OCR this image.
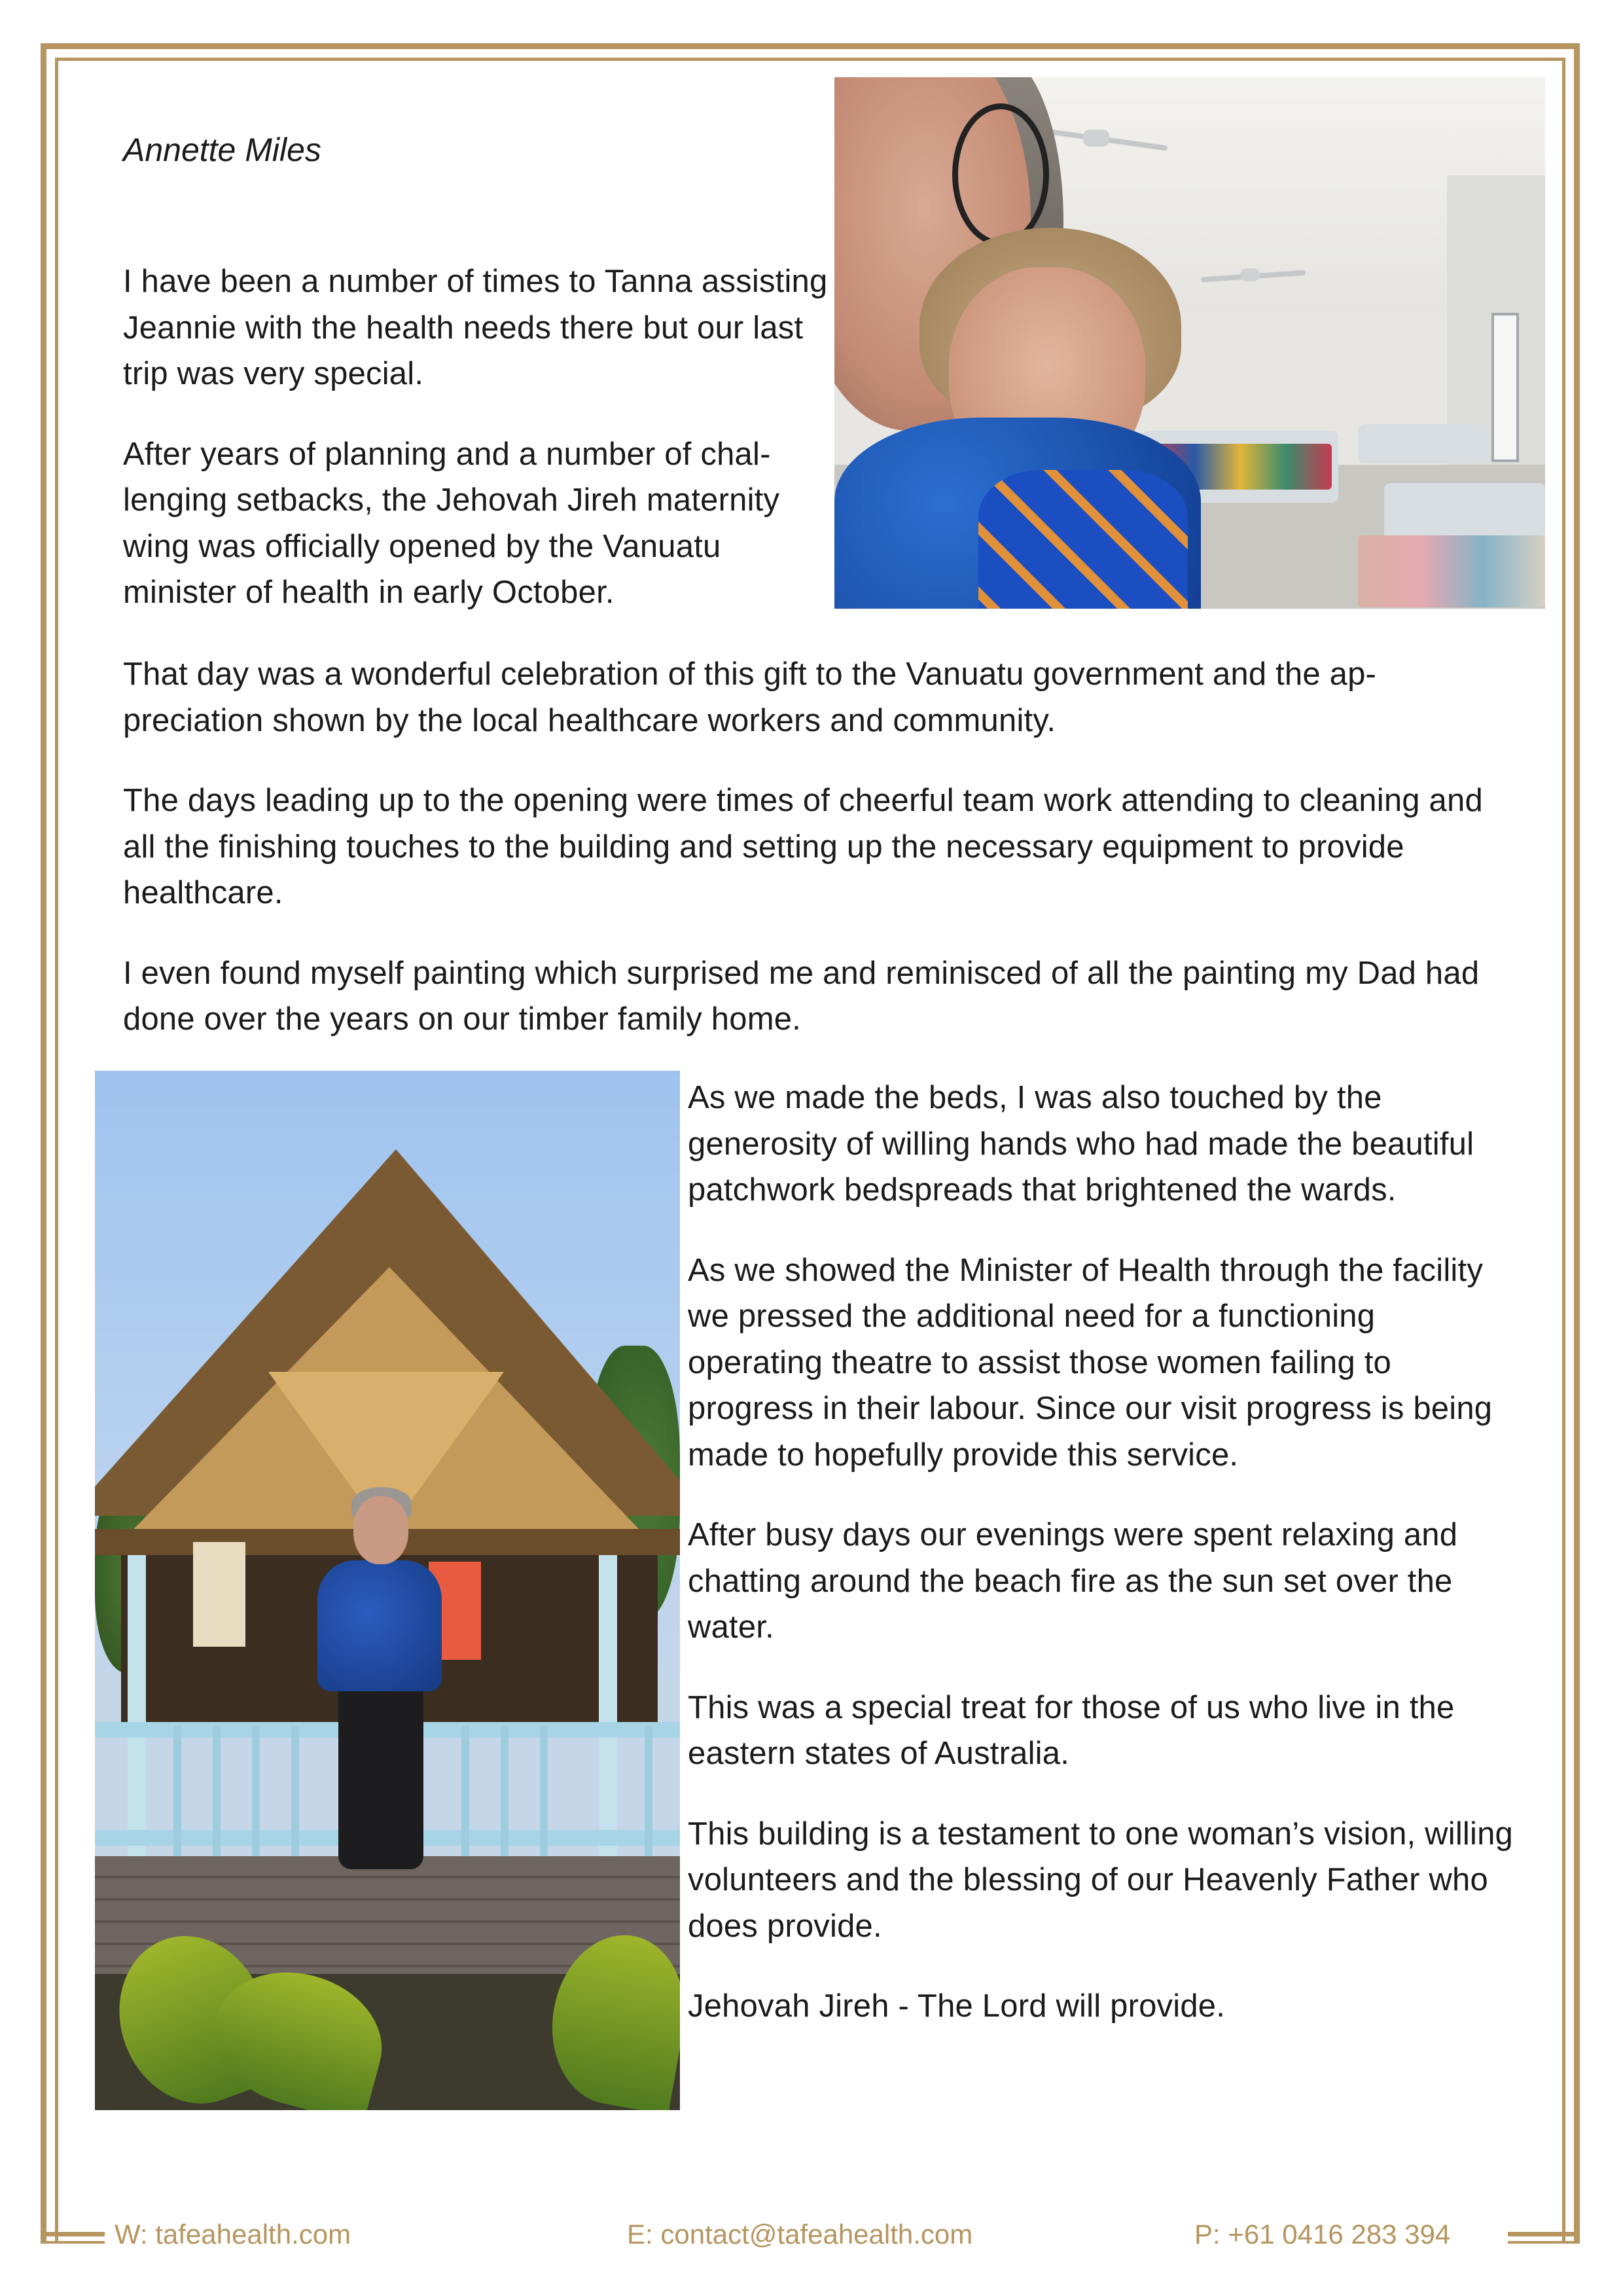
Annette Miles

I have been a number of times to Tanna assisting Jeannie with the health needs there but our last trip was very special.

After years of planning and a number of challenging setbacks, the Jehovah Jireh maternity wing was officially opened by the Vanuatu minister of health in early October.

That day was a wonderful celebration of this gift to the Vanuatu government and the appreciation shown by the local healthcare workers and community.

The days leading up to the opening were times of cheerful team work attending to cleaning and all the finishing touches to the building and setting up the necessary equipment to provide healthcare.

I even found myself painting which surprised me and reminisced of all the painting my Dad had done over the years on our timber family home.

As we made the beds, I was also touched by the generosity of willing hands who had made the beautiful patchwork bedspreads that brightened the wards.

As we showed the Minister of Health through the facility we pressed the additional need for a functioning operating theatre to assist those women failing to progress in their labour. Since our visit progress is being made to hopefully provide this service.

After busy days our evenings were spent relaxing and chatting around the beach fire as the sun set over the water.

This was a special treat for those of us who live in the eastern states of Australia.

This building is a testament to one woman’s vision, willing volunteers and the blessing of our Heavenly Father who does provide.

Jehovah Jireh - The Lord will provide.

W: tafeahealth.com	E: contact@tafeahealth.com	P: +61 0416 283 394
